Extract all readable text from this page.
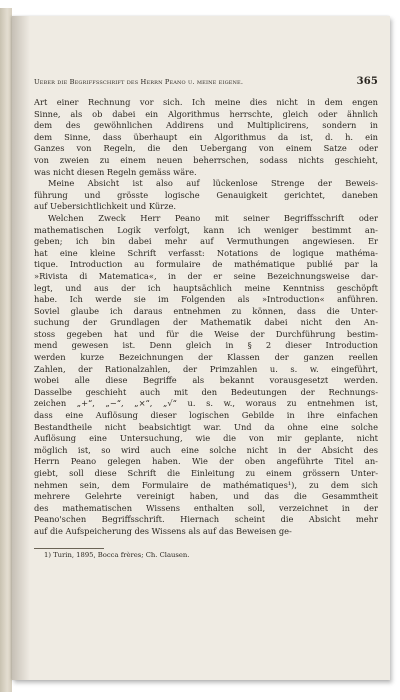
Ueber die Begriffsschrift des Herrn Peano u. meine eigene.	365
Art einer Rechnung vor sich. Ich meine dies nicht in dem engen
Sinne, als ob dabei ein Algorithmus herrschte, gleich oder ähnlich
dem des gewöhnlichen Addirens und Multiplicirens, sondern in
dem Sinne, dass überhaupt ein Algorithmus da ist, d. h. ein
Ganzes von Regeln, die den Uebergang von einem Satze oder
von zweien zu einem neuen beherrschen, sodass nichts geschieht,
was nicht diesen Regeln gemäss wäre.
Meine Absicht ist also auf lückenlose Strenge der Beweis-
führung und grösste logische Genauigkeit gerichtet, daneben
auf Uebersichtlichkeit und Kürze.
Welchen Zweck Herr Peano mit seiner Begriffsschrift oder
mathematischen Logik verfolgt, kann ich weniger bestimmt an-
geben; ich bin dabei mehr auf Vermuthungen angewiesen. Er
hat eine kleine Schrift verfasst: Notations de logique mathéma-
tique. Introduction au formulaire de mathématique publié par la
»Rivista di Matematica«, in der er seine Bezeichnungsweise dar-
legt, und aus der ich hauptsächlich meine Kenntniss geschöpft
habe. Ich werde sie im Folgenden als »Introduction« anführen.
Soviel glaube ich daraus entnehmen zu können, dass die Unter-
suchung der Grundlagen der Mathematik dabei nicht den An-
stoss gegeben hat und für die Weise der Durchführung bestim-
mend gewesen ist. Denn gleich in § 2 dieser Introduction
werden kurze Bezeichnungen der Klassen der ganzen reellen
Zahlen, der Rationalzahlen, der Primzahlen u. s. w. eingeführt,
wobei alle diese Begriffe als bekannt vorausgesetzt werden.
Dasselbe geschieht auch mit den Bedeutungen der Rechnungs-
zeichen „+“, „−“, „×“, „√“ u. s. w., woraus zu entnehmen ist,
dass eine Auflösung dieser logischen Gebilde in ihre einfachen
Bestandtheile nicht beabsichtigt war. Und da ohne eine solche
Auflösung eine Untersuchung, wie die von mir geplante, nicht
möglich ist, so wird auch eine solche nicht in der Absicht des
Herrn Peano gelegen haben. Wie der oben angeführte Titel an-
giebt, soll diese Schrift die Einleitung zu einem grössern Unter-
nehmen sein, dem Formulaire de mathématiques¹), zu dem sich
mehrere Gelehrte vereinigt haben, und das die Gesammtheit
des mathematischen Wissens enthalten soll, verzeichnet in der
Peano'schen Begriffsschrift. Hiernach scheint die Absicht mehr
auf die Aufspeicherung des Wissens als auf das Beweisen ge-
1) Turin, 1895, Bocca frères; Ch. Clausen.
